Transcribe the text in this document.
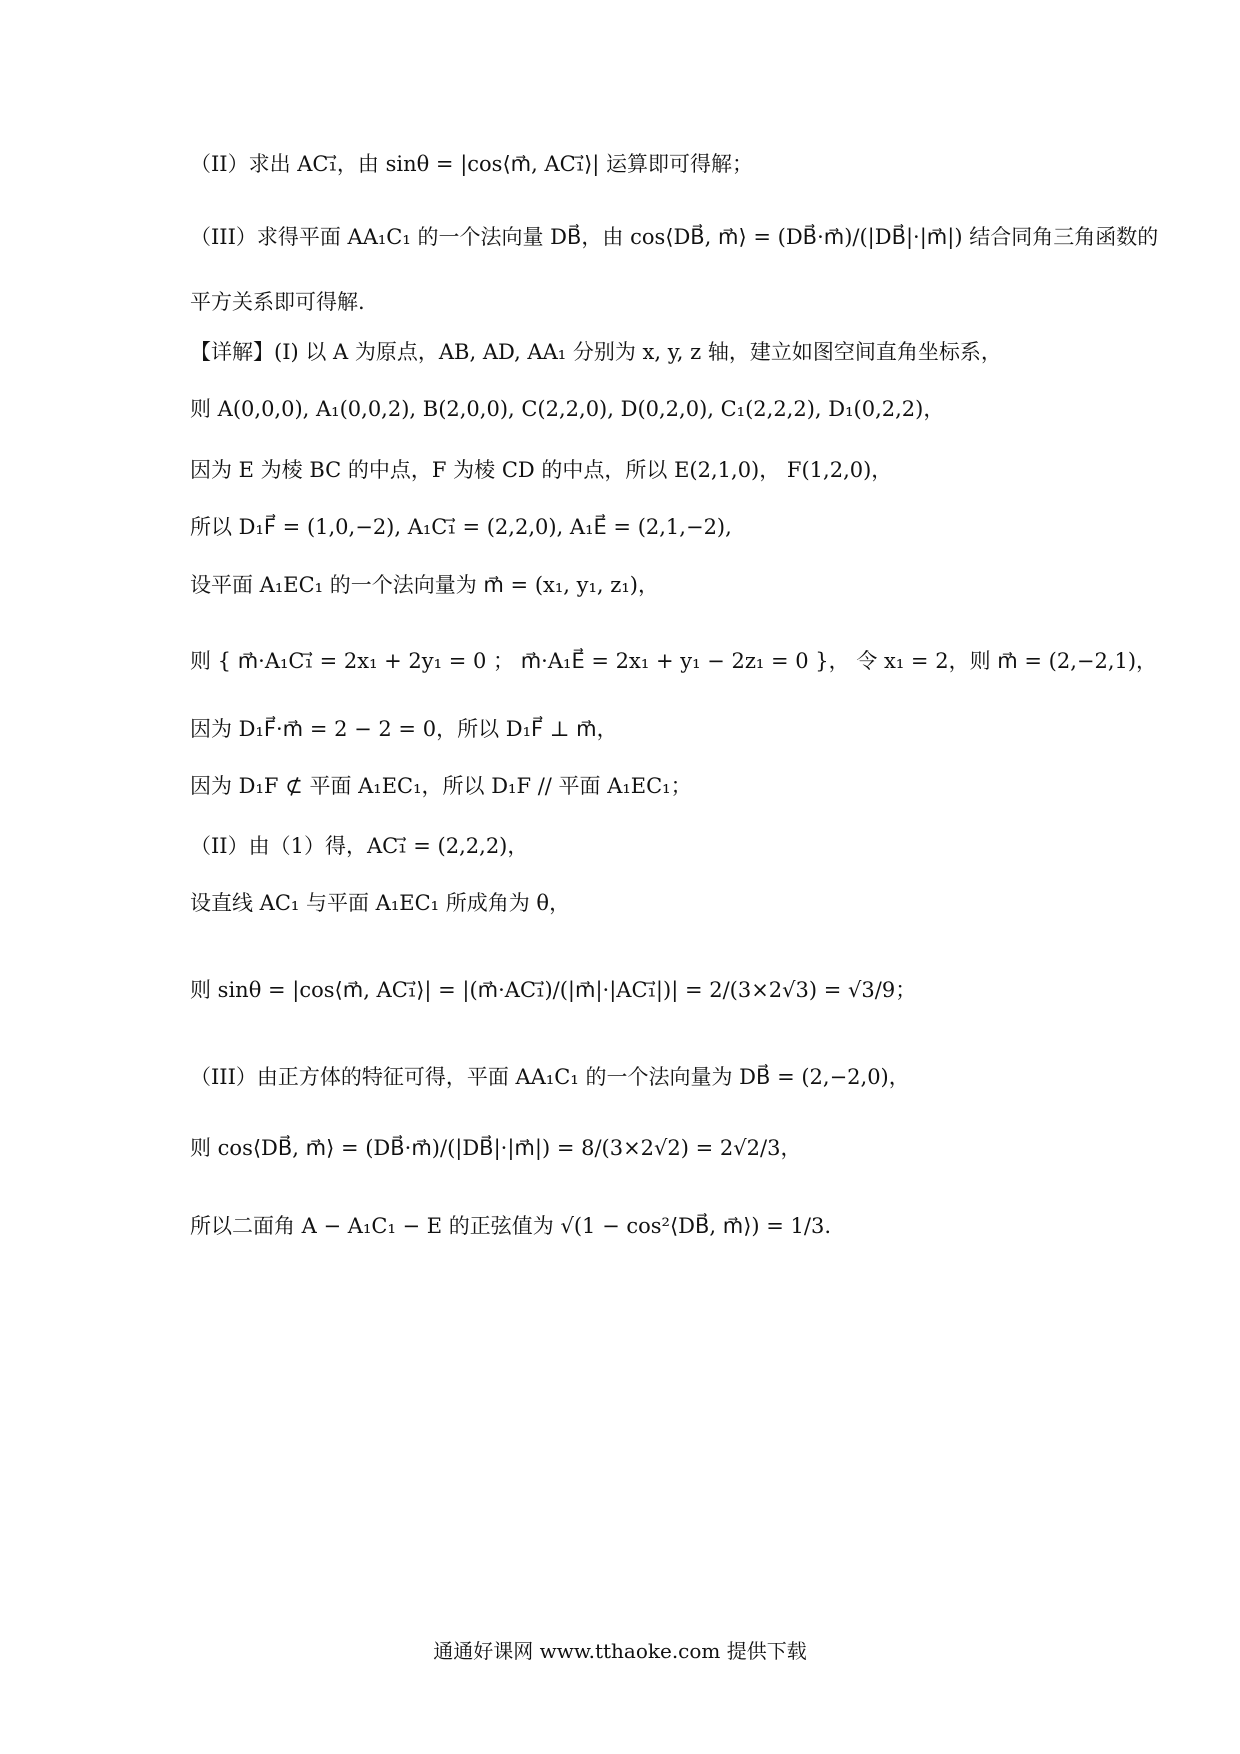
（II）求出 AC₁⃗，由 sinθ = |cos⟨m⃗, AC₁⃗⟩| 运算即可得解；
（III）求得平面 AA₁C₁ 的一个法向量 DB⃗，由 cos⟨DB⃗, m⃗⟩ = (DB⃗·m⃗)/(|DB⃗|·|m⃗|) 结合同角三角函数的
平方关系即可得解.
【详解】(I) 以 A 为原点，AB, AD, AA₁ 分别为 x, y, z 轴，建立如图空间直角坐标系，
则 A(0,0,0), A₁(0,0,2), B(2,0,0), C(2,2,0), D(0,2,0), C₁(2,2,2), D₁(0,2,2)，
因为 E 为棱 BC 的中点，F 为棱 CD 的中点，所以 E(2,1,0)， F(1,2,0)，
所以 D₁F⃗ = (1,0,−2), A₁C₁⃗ = (2,2,0), A₁E⃗ = (2,1,−2),
设平面 A₁EC₁ 的一个法向量为 m⃗ = (x₁, y₁, z₁)，
则 { m⃗·A₁C₁⃗ = 2x₁ + 2y₁ = 0 ； m⃗·A₁E⃗ = 2x₁ + y₁ − 2z₁ = 0 }， 令 x₁ = 2，则 m⃗ = (2,−2,1)，
因为 D₁F⃗·m⃗ = 2 − 2 = 0，所以 D₁F⃗ ⊥ m⃗，
因为 D₁F ⊄ 平面 A₁EC₁，所以 D₁F // 平面 A₁EC₁；
（II）由（1）得，AC₁⃗ = (2,2,2)，
设直线 AC₁ 与平面 A₁EC₁ 所成角为 θ，
则 sinθ = |cos⟨m⃗, AC₁⃗⟩| = |(m⃗·AC₁⃗)/(|m⃗|·|AC₁⃗|)| = 2/(3×2√3) = √3/9；
（III）由正方体的特征可得，平面 AA₁C₁ 的一个法向量为 DB⃗ = (2,−2,0)，
则 cos⟨DB⃗, m⃗⟩ = (DB⃗·m⃗)/(|DB⃗|·|m⃗|) = 8/(3×2√2) = 2√2/3，
所以二面角 A − A₁C₁ − E 的正弦值为 √(1 − cos²⟨DB⃗, m⃗⟩) = 1/3.
通通好课网 www.tthaoke.com 提供下载
